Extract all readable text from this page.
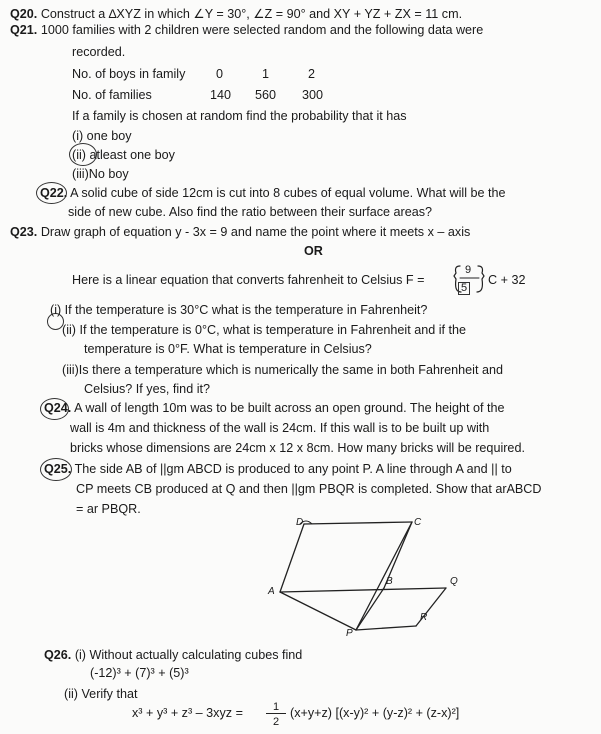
Q20. Construct a ∆XYZ in which ∠Y = 30°, ∠Z = 90° and XY + YZ + ZX = 11 cm.
Q21. 1000 families with 2 children were selected random and the following data were
recorded.
No. of boys in family 0	1	2
No. of families	140 560 300
If a family is chosen at random find the probability that it has
(i) one boy
(ii) atleast one boy
(iii)No boy
Q22. A solid cube of side 12cm is cut into 8 cubes of equal volume. What will be the
side of new cube. Also find the ratio between their surface areas?
Q23. Draw graph of equation y - 3x = 9 and name the point where it meets x – axis
OR
Here is a linear equation that converts fahrenheit to Celsius F =
9
5
C + 32
(i) If the temperature is 30°C what is the temperature in Fahrenheit?
(ii) If the temperature is 0°C, what is temperature in Fahrenheit and if the
temperature is 0°F. What is temperature in Celsius?
(iii)Is there a temperature which is numerically the same in both Fahrenheit and
Celsius? If yes, find it?
Q24. A wall of length 10m was to be built across an open ground. The height of the
wall is 4m and thickness of the wall is 24cm. If this wall is to be built up with
bricks whose dimensions are 24cm x 12 x 8cm. How many bricks will be required.
Q25. The side AB of ||gm ABCD is produced to any point P. A line through A and || to
CP meets CB produced at Q and then ||gm PBQR is completed. Show that arABCD
= ar PBQR.
D	C
A
B	Q
R
P
Q26. (i) Without actually calculating cubes find
(-12)³ + (7)³ + (5)³
(ii) Verify that
x³ + y³ + z³ – 3xyz =	1
2
(x+y+z) [(x-y)² + (y-z)² + (z-x)²]
